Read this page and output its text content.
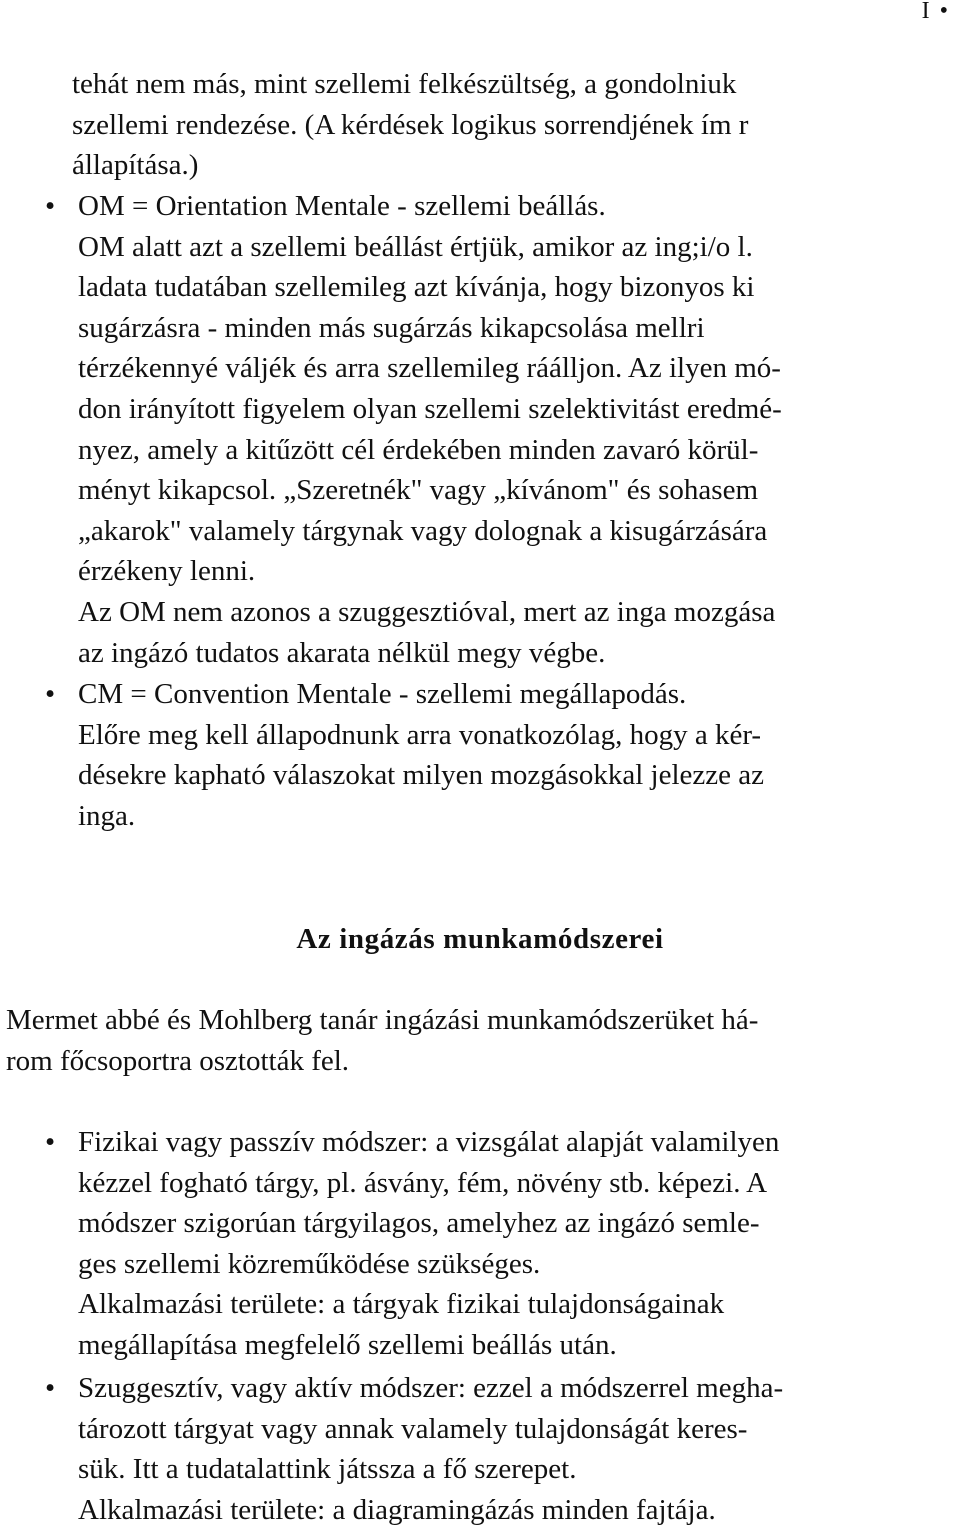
I •
tehát nem más, mint szellemi felkészültség, a gondolniuk
szellemi rendezése. (A kérdések logikus sorrendjének ím r
állapítása.)
• OM = Orientation Mentale - szellemi beállás.
OM alatt azt a szellemi beállást értjük, amikor az ing;i/o l.
ladata tudatában szellemileg azt kívánja, hogy bizonyos ki
sugárzásra - minden más sugárzás kikapcsolása mellri
térzékennyé váljék és arra szellemileg ráálljon. Az ilyen mó-
don irányított figyelem olyan szellemi szelektivitást eredmé-
nyez, amely a kitűzött cél érdekében minden zavaró körül-
ményt kikapcsol. „Szeretnék" vagy „kívánom" és sohasem
„akarok" valamely tárgynak vagy dolognak a kisugárzására
érzékeny lenni.
Az OM nem azonos a szuggesztióval, mert az inga mozgása
az ingázó tudatos akarata nélkül megy végbe.
• CM = Convention Mentale - szellemi megállapodás.
Előre meg kell állapodnunk arra vonatkozólag, hogy a kér-
désekre kapható válaszokat milyen mozgásokkal jelezze az
inga.
Az ingázás munkamódszerei
Mermet abbé és Mohlberg tanár ingázási munkamódszerüket há-
rom főcsoportra osztották fel.
• Fizikai vagy passzív módszer: a vizsgálat alapját valamilyen
kézzel fogható tárgy, pl. ásvány, fém, növény stb. képezi. A
módszer szigorúan tárgyilagos, amelyhez az ingázó semle-
ges szellemi közreműködése szükséges.
Alkalmazási területe: a tárgyak fizikai tulajdonságainak
megállapítása megfelelő szellemi beállás után.
• Szuggesztív, vagy aktív módszer: ezzel a módszerrel megha-
tározott tárgyat vagy annak valamely tulajdonságát keres-
sük. Itt a tudatalattink játssza a fő szerepet.
Alkalmazási területe: a diagramingázás minden fajtája.
